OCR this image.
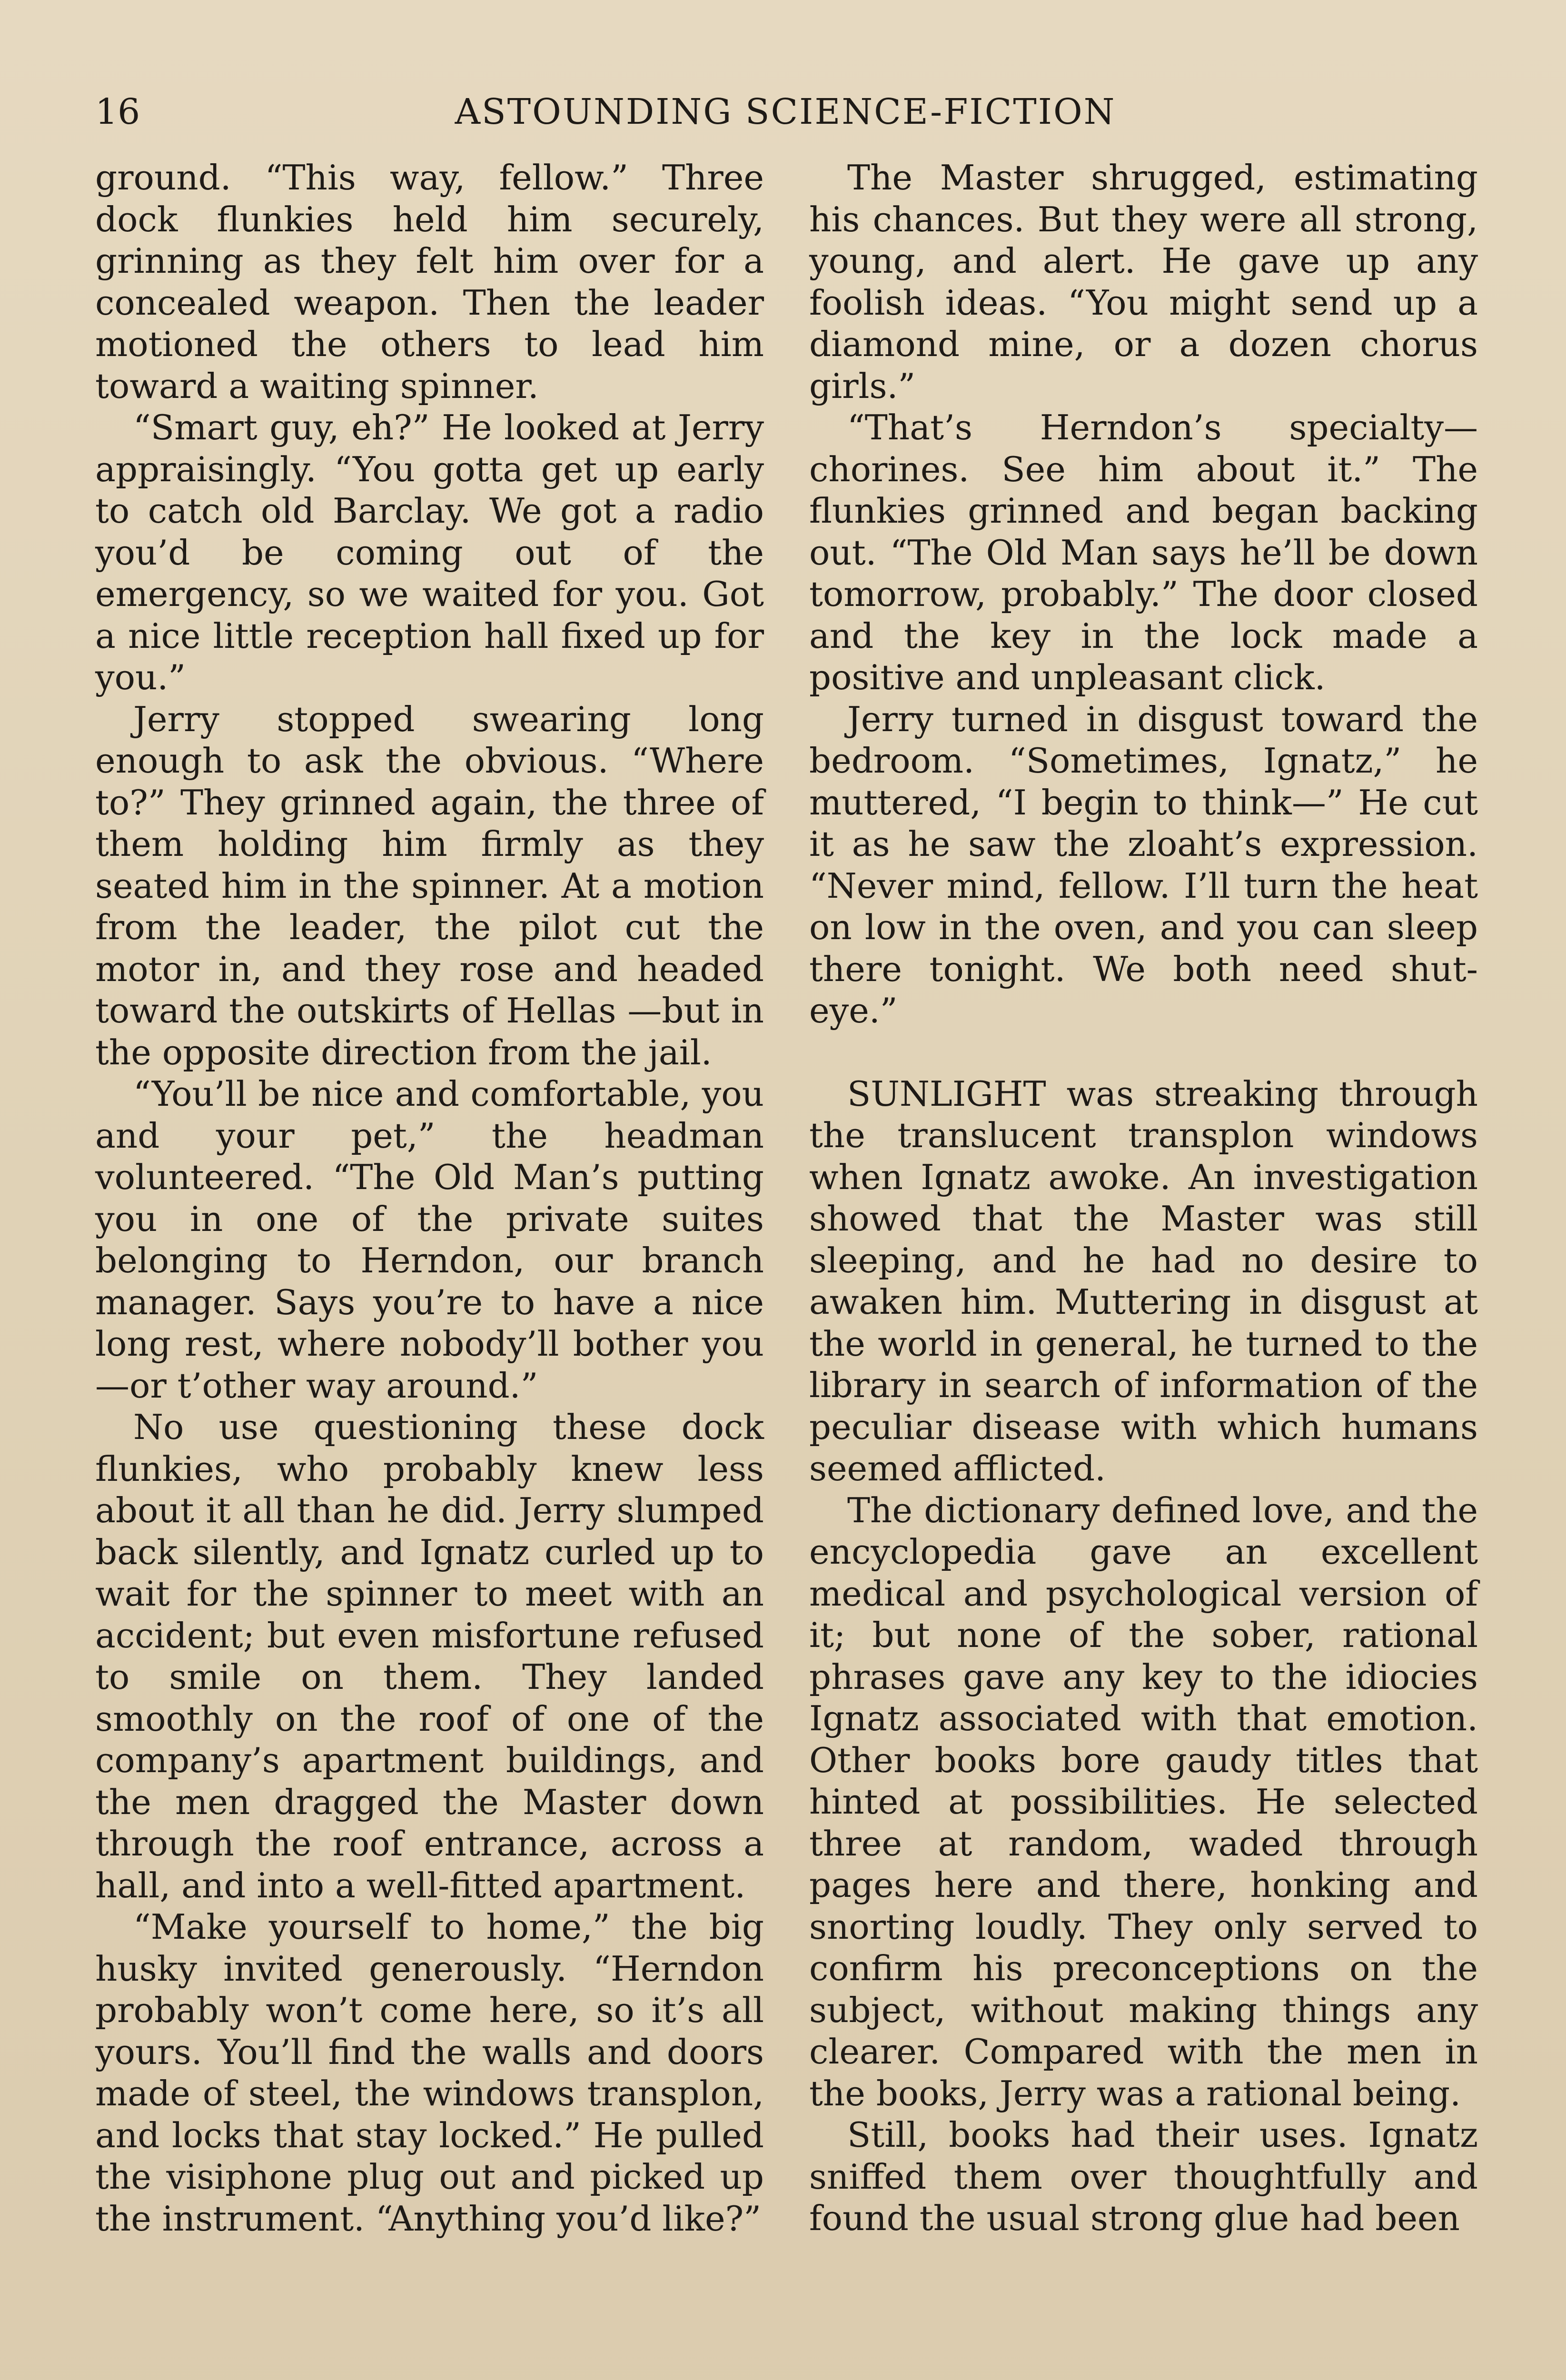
16	ASTOUNDING SCIENCE-FICTION

ground. “This way, fellow.” Three dock flunkies held him securely, grinning as they felt him over for a concealed weapon. Then the leader motioned the others to lead him toward a waiting spinner.

“Smart guy, eh?” He looked at Jerry appraisingly. “You gotta get up early to catch old Barclay. We got a radio you’d be coming out of the emergency, so we waited for you. Got a nice little reception hall fixed up for you.”

Jerry stopped swearing long enough to ask the obvious. “Where to?” They grinned again, the three of them holding him firmly as they seated him in the spinner. At a motion from the leader, the pilot cut the motor in, and they rose and headed toward the outskirts of Hellas —but in the opposite direction from the jail.

“You’ll be nice and comfortable, you and your pet,” the headman volunteered. “The Old Man’s putting you in one of the private suites belonging to Herndon, our branch manager. Says you’re to have a nice long rest, where nobody’ll bother you—or t’other way around.”

No use questioning these dock flunkies, who probably knew less about it all than he did. Jerry slumped back silently, and Ignatz curled up to wait for the spinner to meet with an accident; but even misfortune refused to smile on them. They landed smoothly on the roof of one of the company’s apartment buildings, and the men dragged the Master down through the roof entrance, across a hall, and into a well-fitted apartment.

“Make yourself to home,” the big husky invited generously. “Herndon probably won’t come here, so it’s all yours. You’ll find the walls and doors made of steel, the windows transplon, and locks that stay locked.” He pulled the visiphone plug out and picked up the instrument. “Anything you’d like?”

The Master shrugged, estimating his chances. But they were all strong, young, and alert. He gave up any foolish ideas. “You might send up a diamond mine, or a dozen chorus girls.”

“That’s Herndon’s specialty—chorines. See him about it.” The flunkies grinned and began backing out. “The Old Man says he’ll be down tomorrow, probably.” The door closed and the key in the lock made a positive and unpleasant click.

Jerry turned in disgust toward the bedroom. “Sometimes, Ignatz,” he muttered, “I begin to think—” He cut it as he saw the zloaht’s expression. “Never mind, fellow. I’ll turn the heat on low in the oven, and you can sleep there tonight. We both need shut-eye.”

SUNLIGHT was streaking through the translucent transplon windows when Ignatz awoke. An investigation showed that the Master was still sleeping, and he had no desire to awaken him. Muttering in disgust at the world in general, he turned to the library in search of information of the peculiar disease with which humans seemed afflicted.

The dictionary defined love, and the encyclopedia gave an excellent medical and psychological version of it; but none of the sober, rational phrases gave any key to the idiocies Ignatz associated with that emotion. Other books bore gaudy titles that hinted at possibilities. He selected three at random, waded through pages here and there, honking and snorting loudly. They only served to confirm his preconceptions on the subject, without making things any clearer. Compared with the men in the books, Jerry was a rational being.

Still, books had their uses. Ignatz sniffed them over thoughtfully and found the usual strong glue had been
